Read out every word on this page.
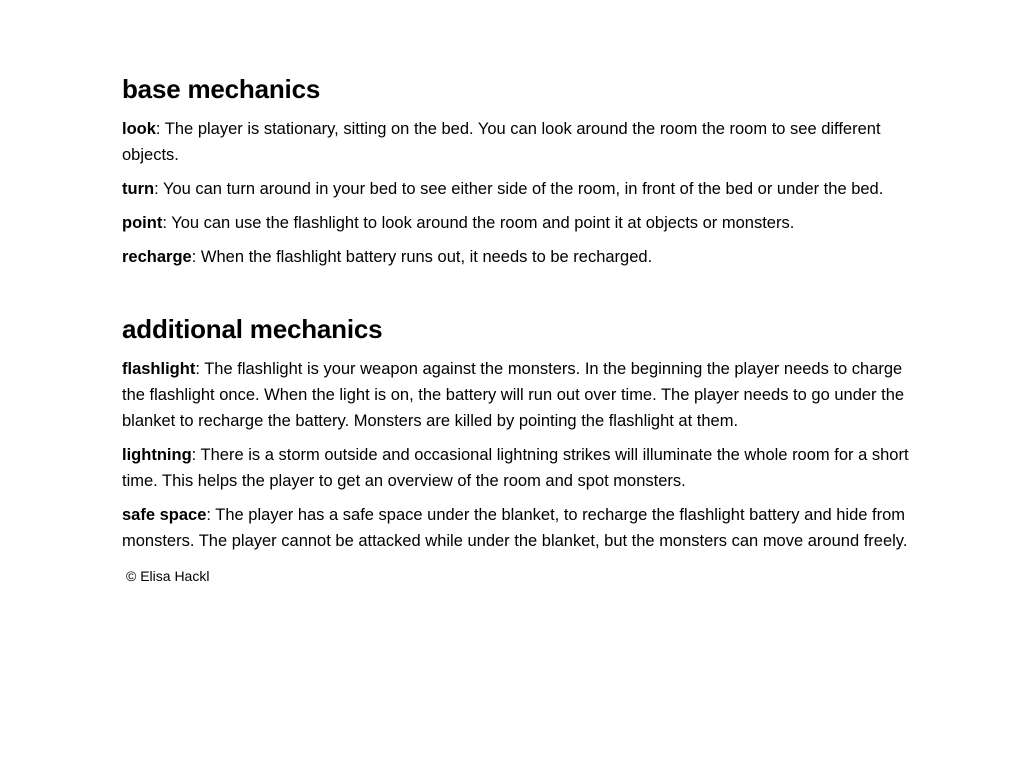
base mechanics

look: The player is stationary, sitting on the bed. You can look around the room the room to see different objects.

turn: You can turn around in your bed to see either side of the room, in front of the bed or under the bed.

point: You can use the flashlight to look around the room and point it at objects or monsters.

recharge: When the flashlight battery runs out, it needs to be recharged.

additional mechanics

flashlight: The flashlight is your weapon against the monsters. In the beginning the player needs to charge the flashlight once. When the light is on, the battery will run out over time. The player needs to go under the blanket to recharge the battery. Monsters are killed by pointing the flashlight at them.

lightning: There is a storm outside and occasional lightning strikes will illuminate the whole room for a short time. This helps the player to get an overview of the room and spot monsters.

safe space: The player has a safe space under the blanket, to recharge the flashlight battery and hide from monsters. The player cannot be attacked while under the blanket, but the monsters can move around freely.

© Elisa Hackl
